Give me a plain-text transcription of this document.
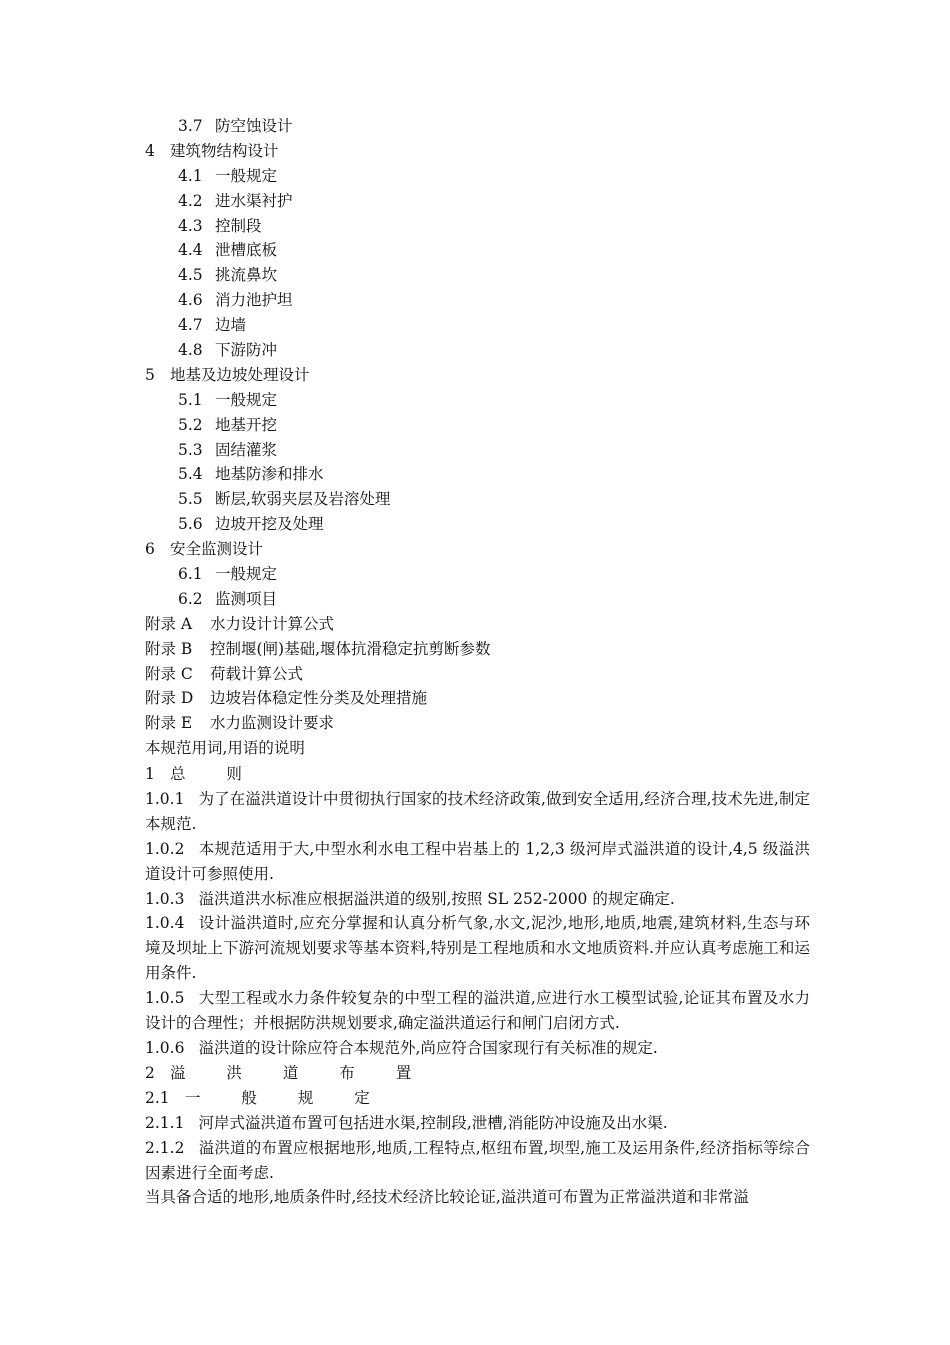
3.7 防空蚀设计
4 建筑物结构设计
4.1 一般规定
4.2 进水渠衬护
4.3 控制段
4.4 泄槽底板
4.5 挑流鼻坎
4.6 消力池护坦
4.7 边墙
4.8 下游防冲
5 地基及边坡处理设计
5.1 一般规定
5.2 地基开挖
5.3 固结灌浆
5.4 地基防渗和排水
5.5 断层,软弱夹层及岩溶处理
5.6 边坡开挖及处理
6 安全监测设计
6.1 一般规定
6.2 监测项目
附录 A 水力设计计算公式
附录 B 控制堰(闸)基础,堰体抗滑稳定抗剪断参数
附录 C 荷载计算公式
附录 D 边坡岩体稳定性分类及处理措施
附录 E 水力监测设计要求
本规范用词,用语的说明
1 总 则
1.0.1 为了在溢洪道设计中贯彻执行国家的技术经济政策,做到安全适用,经济合理,技术先进,制定本规范.
1.0.2 本规范适用于大,中型水利水电工程中岩基上的 1,2,3 级河岸式溢洪道的设计,4,5 级溢洪道设计可参照使用.
1.0.3 溢洪道洪水标准应根据溢洪道的级别,按照 SL 252-2000 的规定确定.
1.0.4 设计溢洪道时,应充分掌握和认真分析气象,水文,泥沙,地形,地质,地震,建筑材料,生态与环境及坝址上下游河流规划要求等基本资料,特别是工程地质和水文地质资料.并应认真考虑施工和运用条件.
1.0.5 大型工程或水力条件较复杂的中型工程的溢洪道,应进行水工模型试验,论证其布置及水力设计的合理性；并根据防洪规划要求,确定溢洪道运行和闸门启闭方式.
1.0.6 溢洪道的设计除应符合本规范外,尚应符合国家现行有关标准的规定.
2 溢 洪 道 布 置
2.1 一 般 规 定
2.1.1 河岸式溢洪道布置可包括进水渠,控制段,泄槽,消能防冲设施及出水渠.
2.1.2 溢洪道的布置应根据地形,地质,工程特点,枢纽布置,坝型,施工及运用条件,经济指标等综合因素进行全面考虑.
当具备合适的地形,地质条件时,经技术经济比较论证,溢洪道可布置为正常溢洪道和非常溢
